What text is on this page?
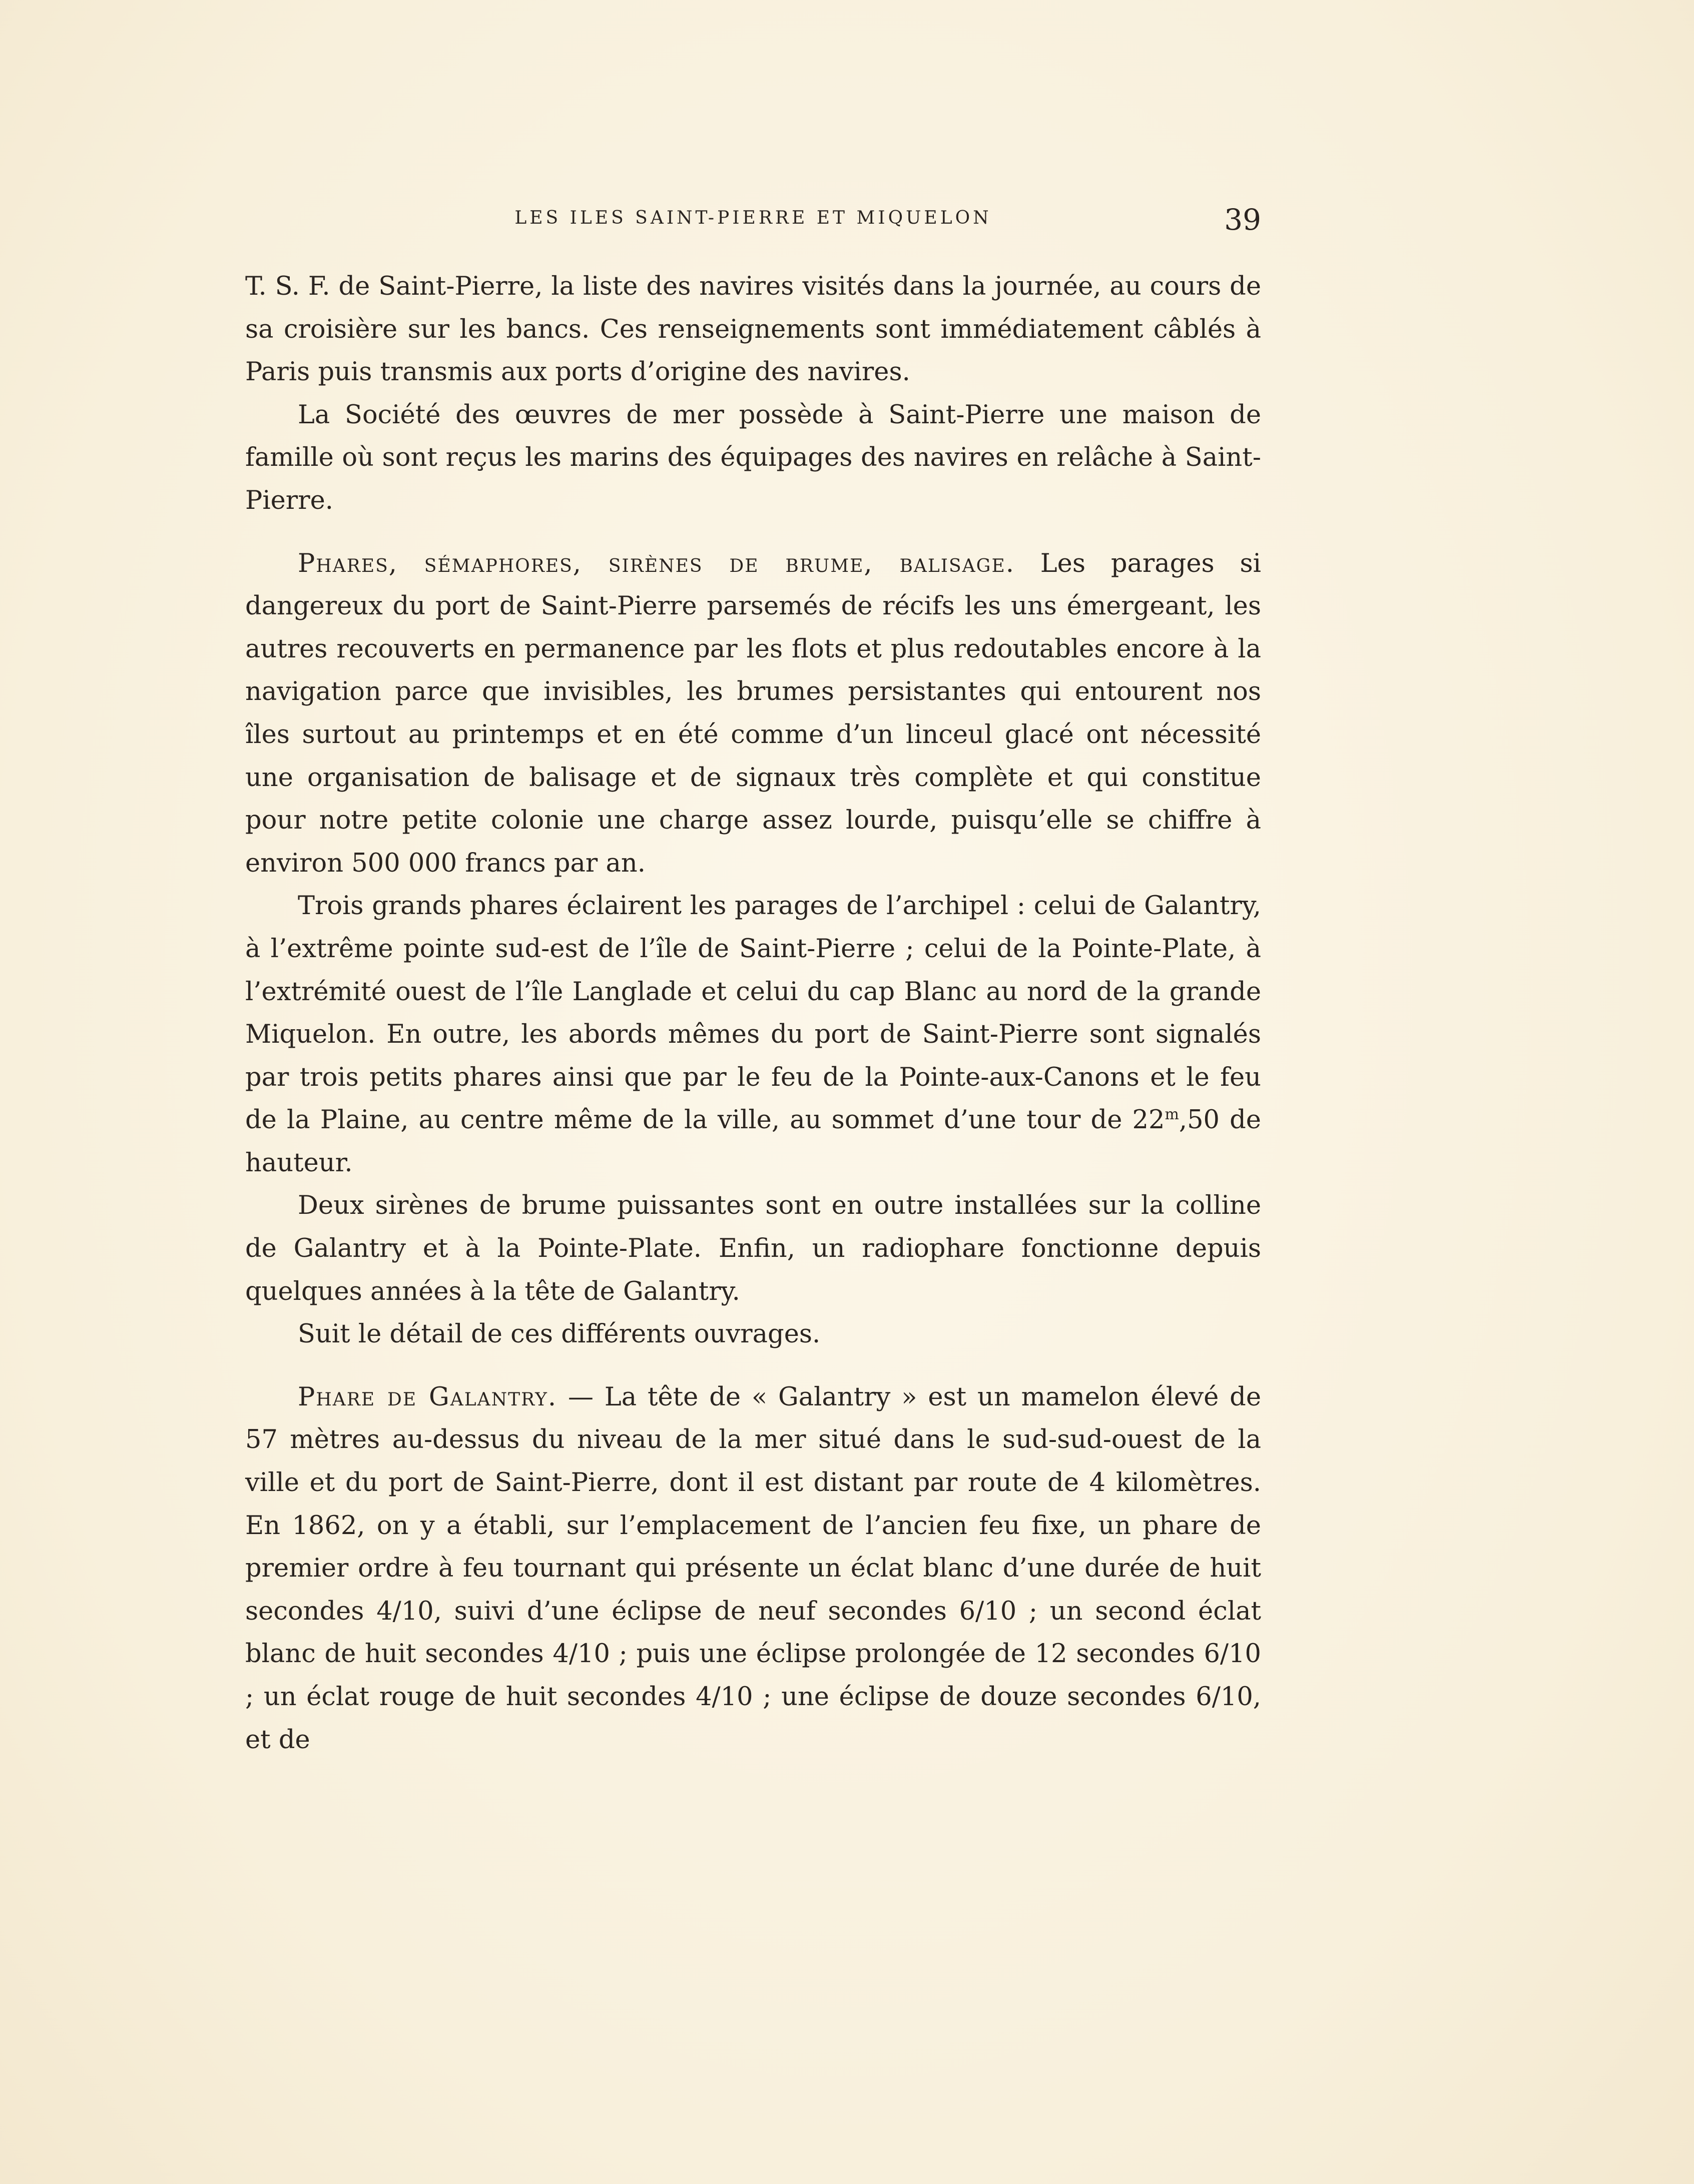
LES ILES SAINT-PIERRE ET MIQUELON	39

T. S. F. de Saint-Pierre, la liste des navires visités dans la journée, au cours de sa croisière sur les bancs. Ces renseignements sont immédiatement câblés à Paris puis transmis aux ports d’origine des navires.

La Société des œuvres de mer possède à Saint-Pierre une maison de famille où sont reçus les marins des équipages des navires en relâche à Saint-Pierre.

Phares, sémaphores, sirènes de brume, balisage. Les parages si dangereux du port de Saint-Pierre parsemés de récifs les uns émergeant, les autres recouverts en permanence par les flots et plus redoutables encore à la navigation parce que invisibles, les brumes persistantes qui entourent nos îles surtout au printemps et en été comme d’un linceul glacé ont nécessité une organisation de balisage et de signaux très complète et qui constitue pour notre petite colonie une charge assez lourde, puisqu’elle se chiffre à environ 500 000 francs par an.

Trois grands phares éclairent les parages de l’archipel : celui de Galantry, à l’extrême pointe sud-est de l’île de Saint-Pierre ; celui de la Pointe-Plate, à l’extrémité ouest de l’île Langlade et celui du cap Blanc au nord de la grande Miquelon. En outre, les abords mêmes du port de Saint-Pierre sont signalés par trois petits phares ainsi que par le feu de la Pointe-aux-Canons et le feu de la Plaine, au centre même de la ville, au sommet d’une tour de 22$^m$,50 de hauteur.

Deux sirènes de brume puissantes sont en outre installées sur la colline de Galantry et à la Pointe-Plate. Enfin, un radiophare fonctionne depuis quelques années à la tête de Galantry.

Suit le détail de ces différents ouvrages.

Phare de Galantry. — La tête de « Galantry » est un mamelon élevé de 57 mètres au-dessus du niveau de la mer situé dans le sud-sud-ouest de la ville et du port de Saint-Pierre, dont il est distant par route de 4 kilomètres. En 1862, on y a établi, sur l’emplacement de l’ancien feu fixe, un phare de premier ordre à feu tournant qui présente un éclat blanc d’une durée de huit secondes 4/10, suivi d’une éclipse de neuf secondes 6/10 ; un second éclat blanc de huit secondes 4/10 ; puis une éclipse prolongée de 12 secondes 6/10 ; un éclat rouge de huit secondes 4/10 ; une éclipse de douze secondes 6/10, et de
